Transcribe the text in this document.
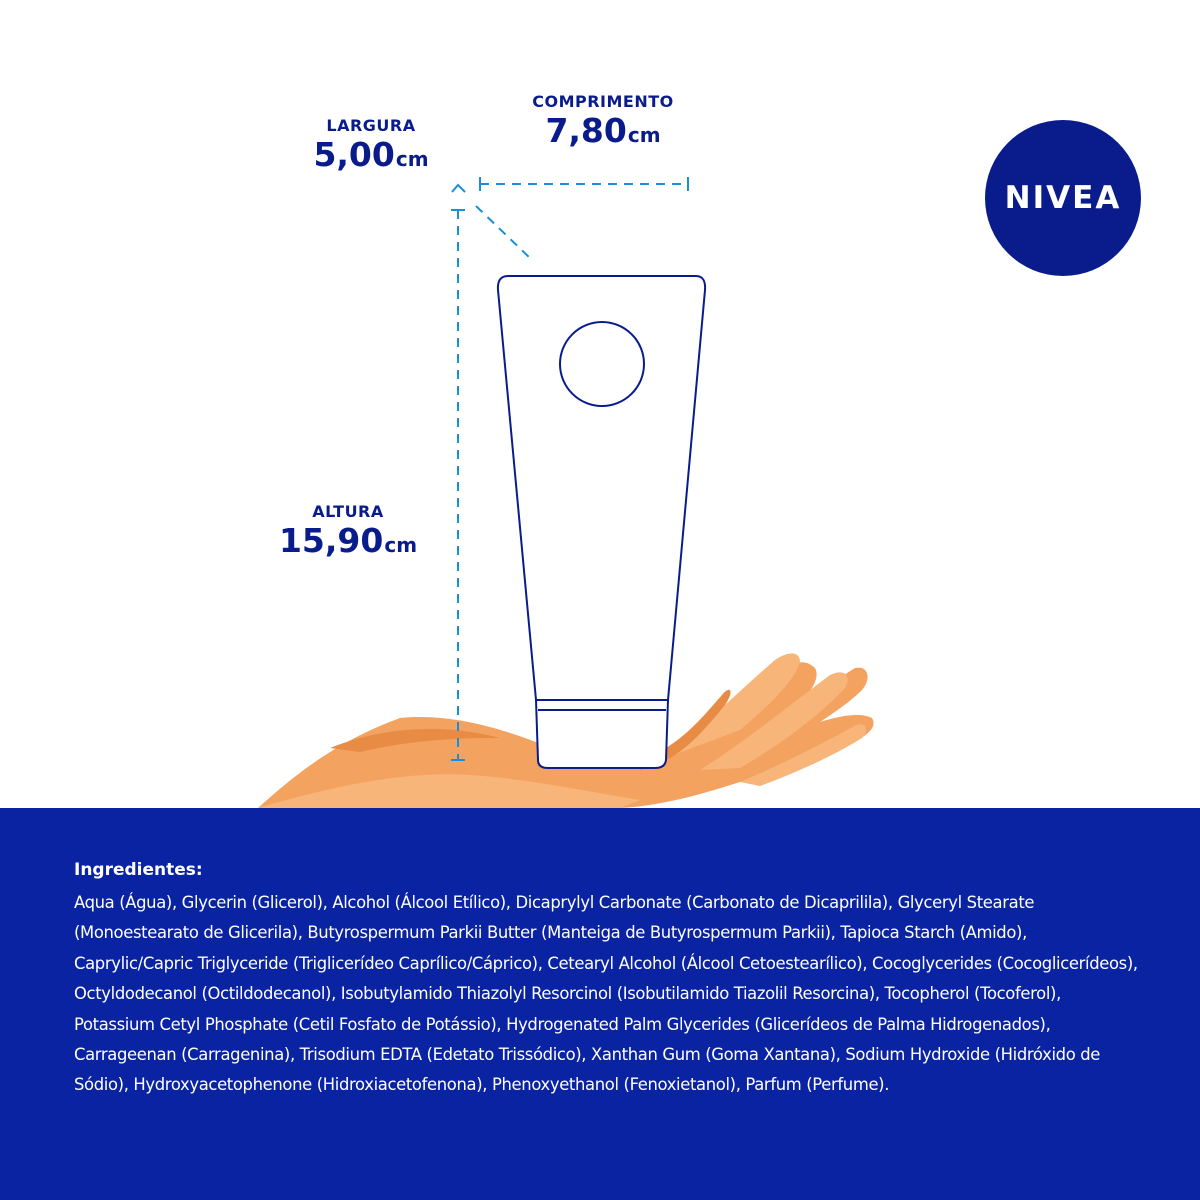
LARGURA
5,00cm
COMPRIMENTO
7,80cm
ALTURA
15,90cm
NIVEA
Ingredientes:
Aqua (Água), Glycerin (Glicerol), Alcohol (Álcool Etílico), Dicaprylyl Carbonate (Carbonato de Dicaprilila), Glyceryl Stearate (Monoestearato de Glicerila), Butyrospermum Parkii Butter (Manteiga de Butyrospermum Parkii), Tapioca Starch (Amido), Caprylic/Capric Triglyceride (Triglicerídeo Caprílico/Cáprico), Cetearyl Alcohol (Álcool Cetoestearílico), Cocoglycerides (Cocoglicerídeos), Octyldodecanol (Octildodecanol), Isobutylamido Thiazolyl Resorcinol (Isobutilamido Tiazolil Resorcina), Tocopherol (Tocoferol), Potassium Cetyl Phosphate (Cetil Fosfato de Potássio), Hydrogenated Palm Glycerides (Glicerídeos de Palma Hidrogenados), Carrageenan (Carragenina), Trisodium EDTA (Edetato Trissódico), Xanthan Gum (Goma Xantana), Sodium Hydroxide (Hidróxido de Sódio), Hydroxyacetophenone (Hidroxiacetofenona), Phenoxyethanol (Fenoxietanol), Parfum (Perfume).
